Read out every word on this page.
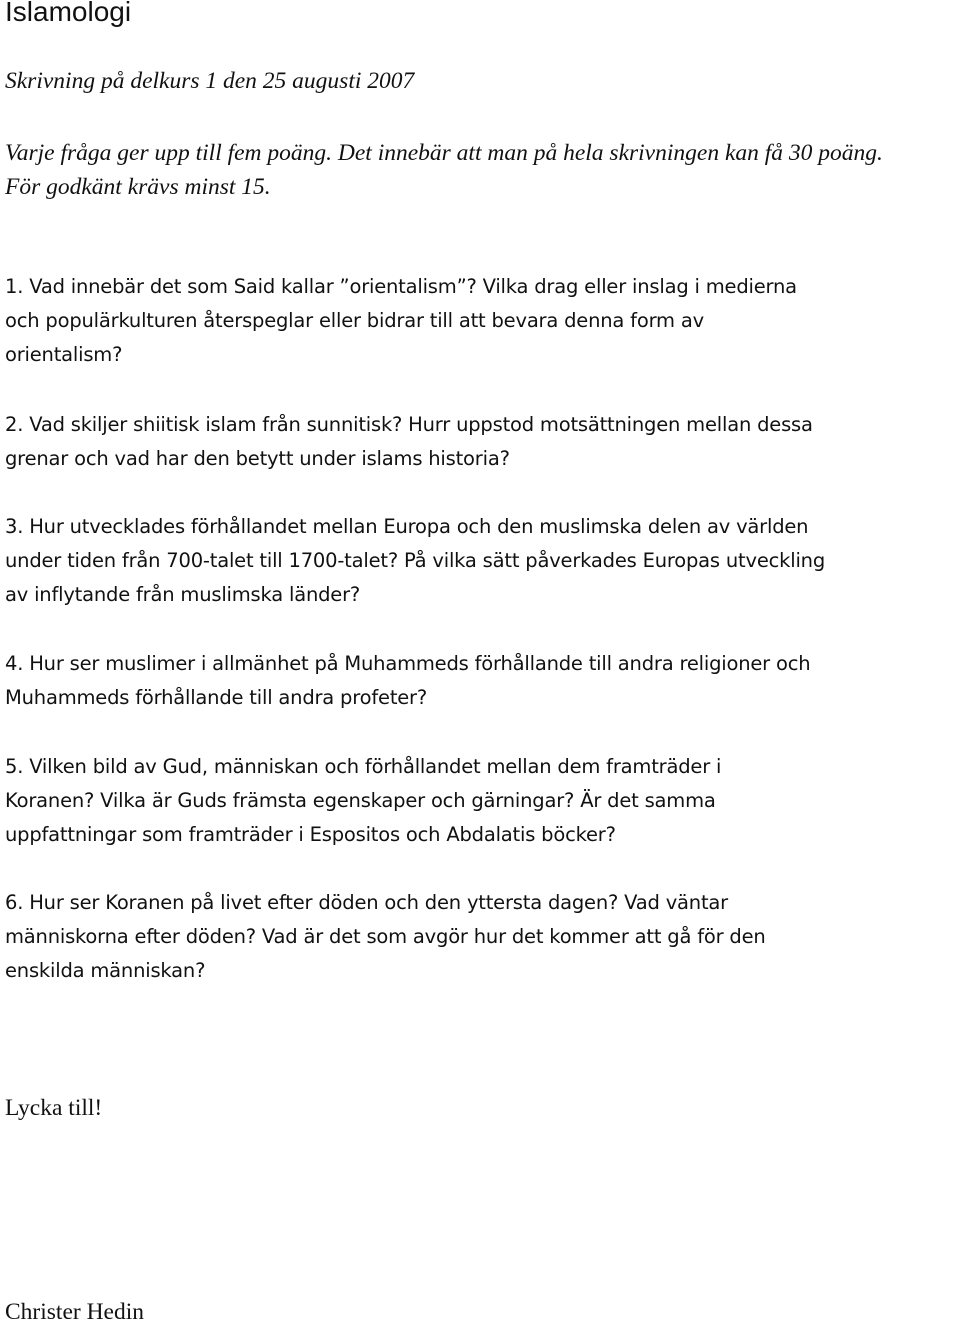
Islamologi

Skrivning på delkurs 1 den 25 augusti 2007

Varje fråga ger upp till fem poäng. Det innebär att man på hela skrivningen kan få 30 poäng.
För godkänt krävs minst 15.

1. Vad innebär det som Said kallar ”orientalism”? Vilka drag eller inslag i medierna
och populärkulturen återspeglar eller bidrar till att bevara denna form av
orientalism?

2. Vad skiljer shiitisk islam från sunnitisk? Hurr uppstod motsättningen mellan dessa
grenar och vad har den betytt under islams historia?

3. Hur utvecklades förhållandet mellan Europa och den muslimska delen av världen
under tiden från 700-talet till 1700-talet? På vilka sätt påverkades Europas utveckling
av inflytande från muslimska länder?

4. Hur ser muslimer i allmänhet på Muhammeds förhållande till andra religioner och
Muhammeds förhållande till andra profeter?

5. Vilken bild av Gud, människan och förhållandet mellan dem framträder i
Koranen? Vilka är Guds främsta egenskaper och gärningar? Är det samma
uppfattningar som framträder i Espositos och Abdalatis böcker?

6. Hur ser Koranen på livet efter döden och den yttersta dagen? Vad väntar
människorna efter döden? Vad är det som avgör hur det kommer att gå för den
enskilda människan?

Lycka till!

Christer Hedin
